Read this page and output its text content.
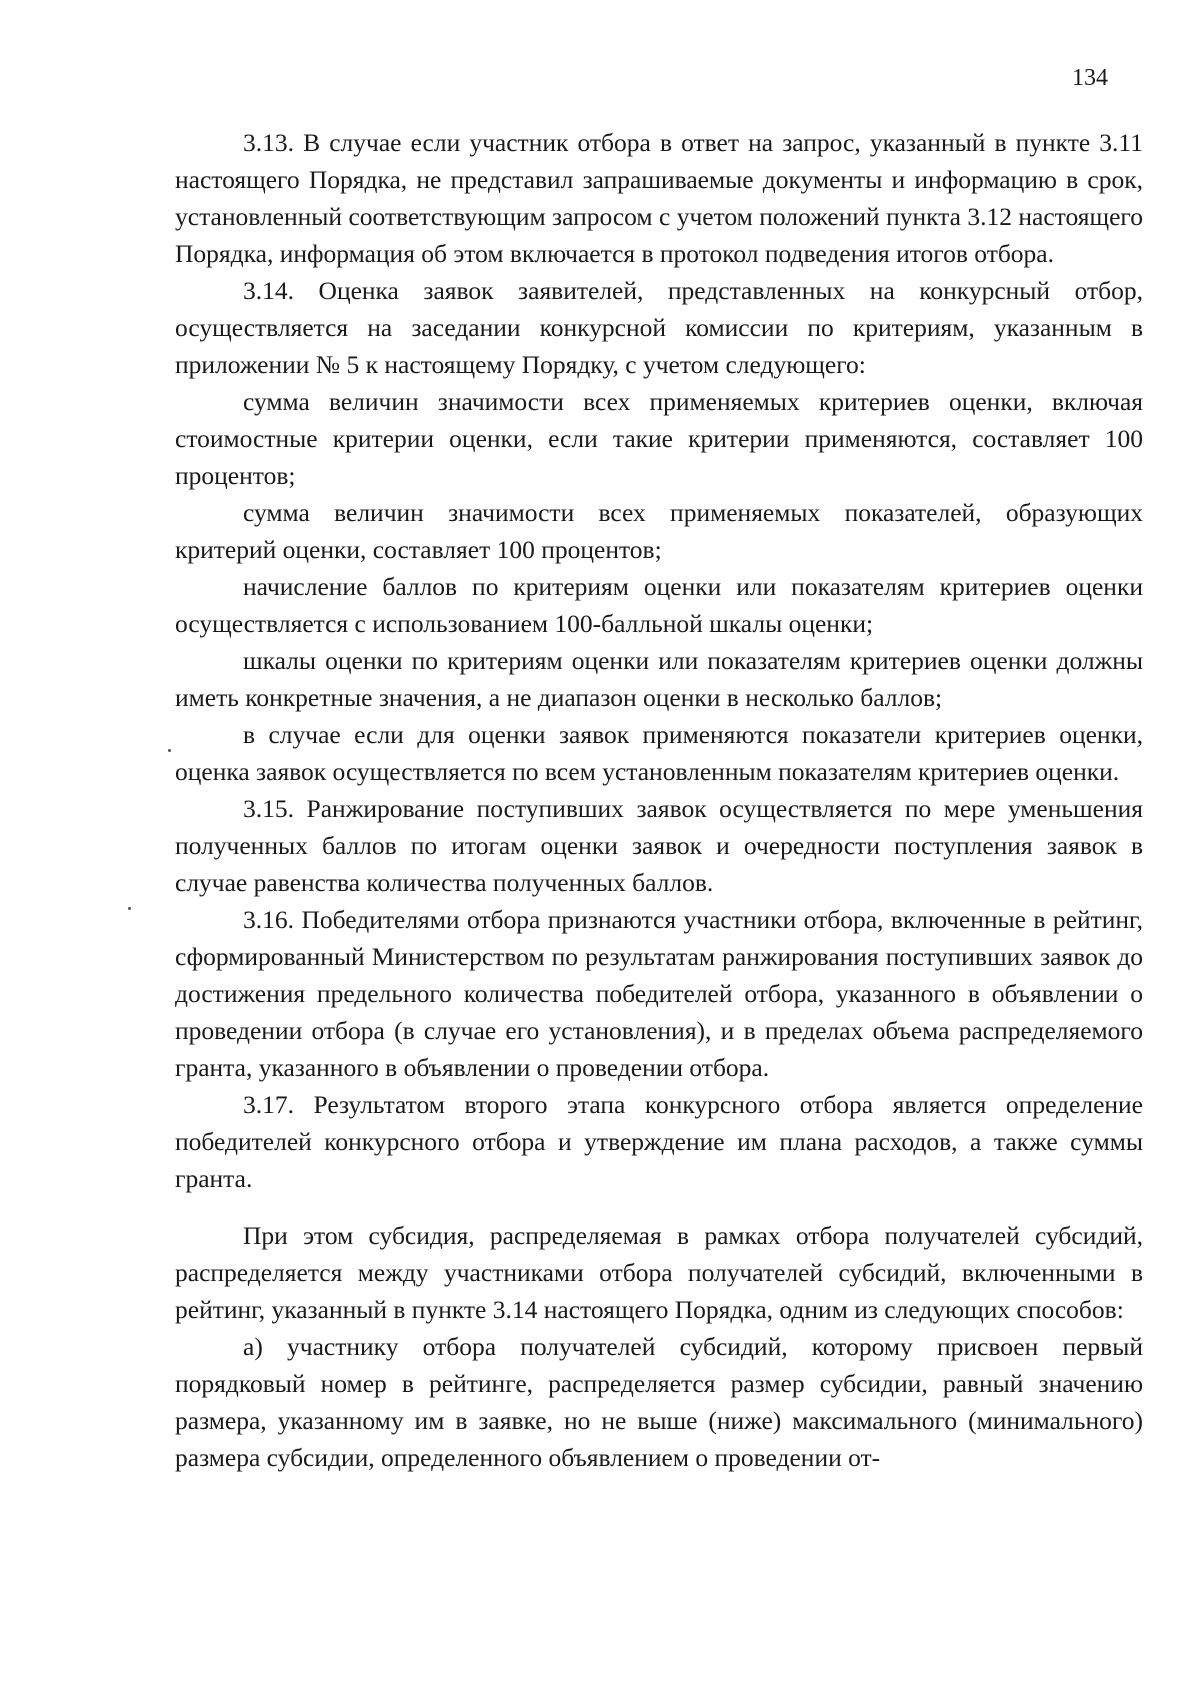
134

3.13. В случае если участник отбора в ответ на запрос, указанный в пункте 3.11 настоящего Порядка, не представил запрашиваемые документы и информацию в срок, установленный соответствующим запросом с учетом положений пункта 3.12 настоящего Порядка, информация об этом включается в протокол подведения итогов отбора.

3.14. Оценка заявок заявителей, представленных на конкурсный отбор, осуществляется на заседании конкурсной комиссии по критериям, указанным в приложении № 5 к настоящему Порядку, с учетом следующего:

сумма величин значимости всех применяемых критериев оценки, включая стоимостные критерии оценки, если такие критерии применяются, составляет 100 процентов;

сумма величин значимости всех применяемых показателей, образующих критерий оценки, составляет 100 процентов;

начисление баллов по критериям оценки или показателям критериев оценки осуществляется с использованием 100-балльной шкалы оценки;

шкалы оценки по критериям оценки или показателям критериев оценки должны иметь конкретные значения, а не диапазон оценки в несколько баллов;

в случае если для оценки заявок применяются показатели критериев оценки, оценка заявок осуществляется по всем установленным показателям критериев оценки.

3.15. Ранжирование поступивших заявок осуществляется по мере уменьшения полученных баллов по итогам оценки заявок и очередности поступления заявок в случае равенства количества полученных баллов.

3.16. Победителями отбора признаются участники отбора, включенные в рейтинг, сформированный Министерством по результатам ранжирования поступивших заявок до достижения предельного количества победителей отбора, указанного в объявлении о проведении отбора (в случае его установления), и в пределах объема распределяемого гранта, указанного в объявлении о проведении отбора.

3.17. Результатом второго этапа конкурсного отбора является определение победителей конкурсного отбора и утверждение им плана расходов, а также суммы гранта.

При этом субсидия, распределяемая в рамках отбора получателей субсидий, распределяется между участниками отбора получателей субсидий, включенными в рейтинг, указанный в пункте 3.14 настоящего Порядка, одним из следующих способов:

а) участнику отбора получателей субсидий, которому присвоен первый порядковый номер в рейтинге, распределяется размер субсидии, равный значению размера, указанному им в заявке, но не выше (ниже) максимального (минимального) размера субсидии, определенного объявлением о проведении от-
